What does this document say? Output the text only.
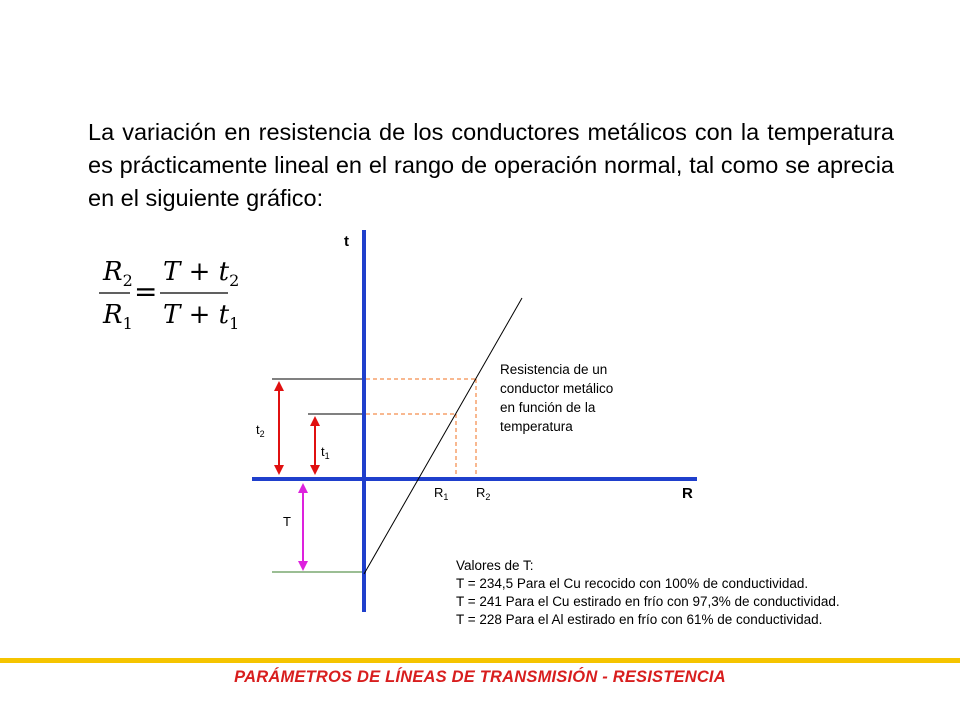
La variación en resistencia de los conductores metálicos con la temperatura es prácticamente lineal en el rango de operación normal, tal como se aprecia en el siguiente gráfico:

$R_2$
$R_1$
=
$T + t_2$
$T + t_1$
t
R
$t_2$
$t_1$
T
$R_1$ $R_2$
Resistencia de un
conductor metálico
en función de la
temperatura
Valores de T:
T = 234,5 Para el Cu recocido con 100% de conductividad.
T = 241 Para el Cu estirado en frío con 97,3% de conductividad.
T = 228 Para el Al estirado en frío con 61% de conductividad.
PARÁMETROS DE LÍNEAS DE TRANSMISIÓN - RESISTENCIA
